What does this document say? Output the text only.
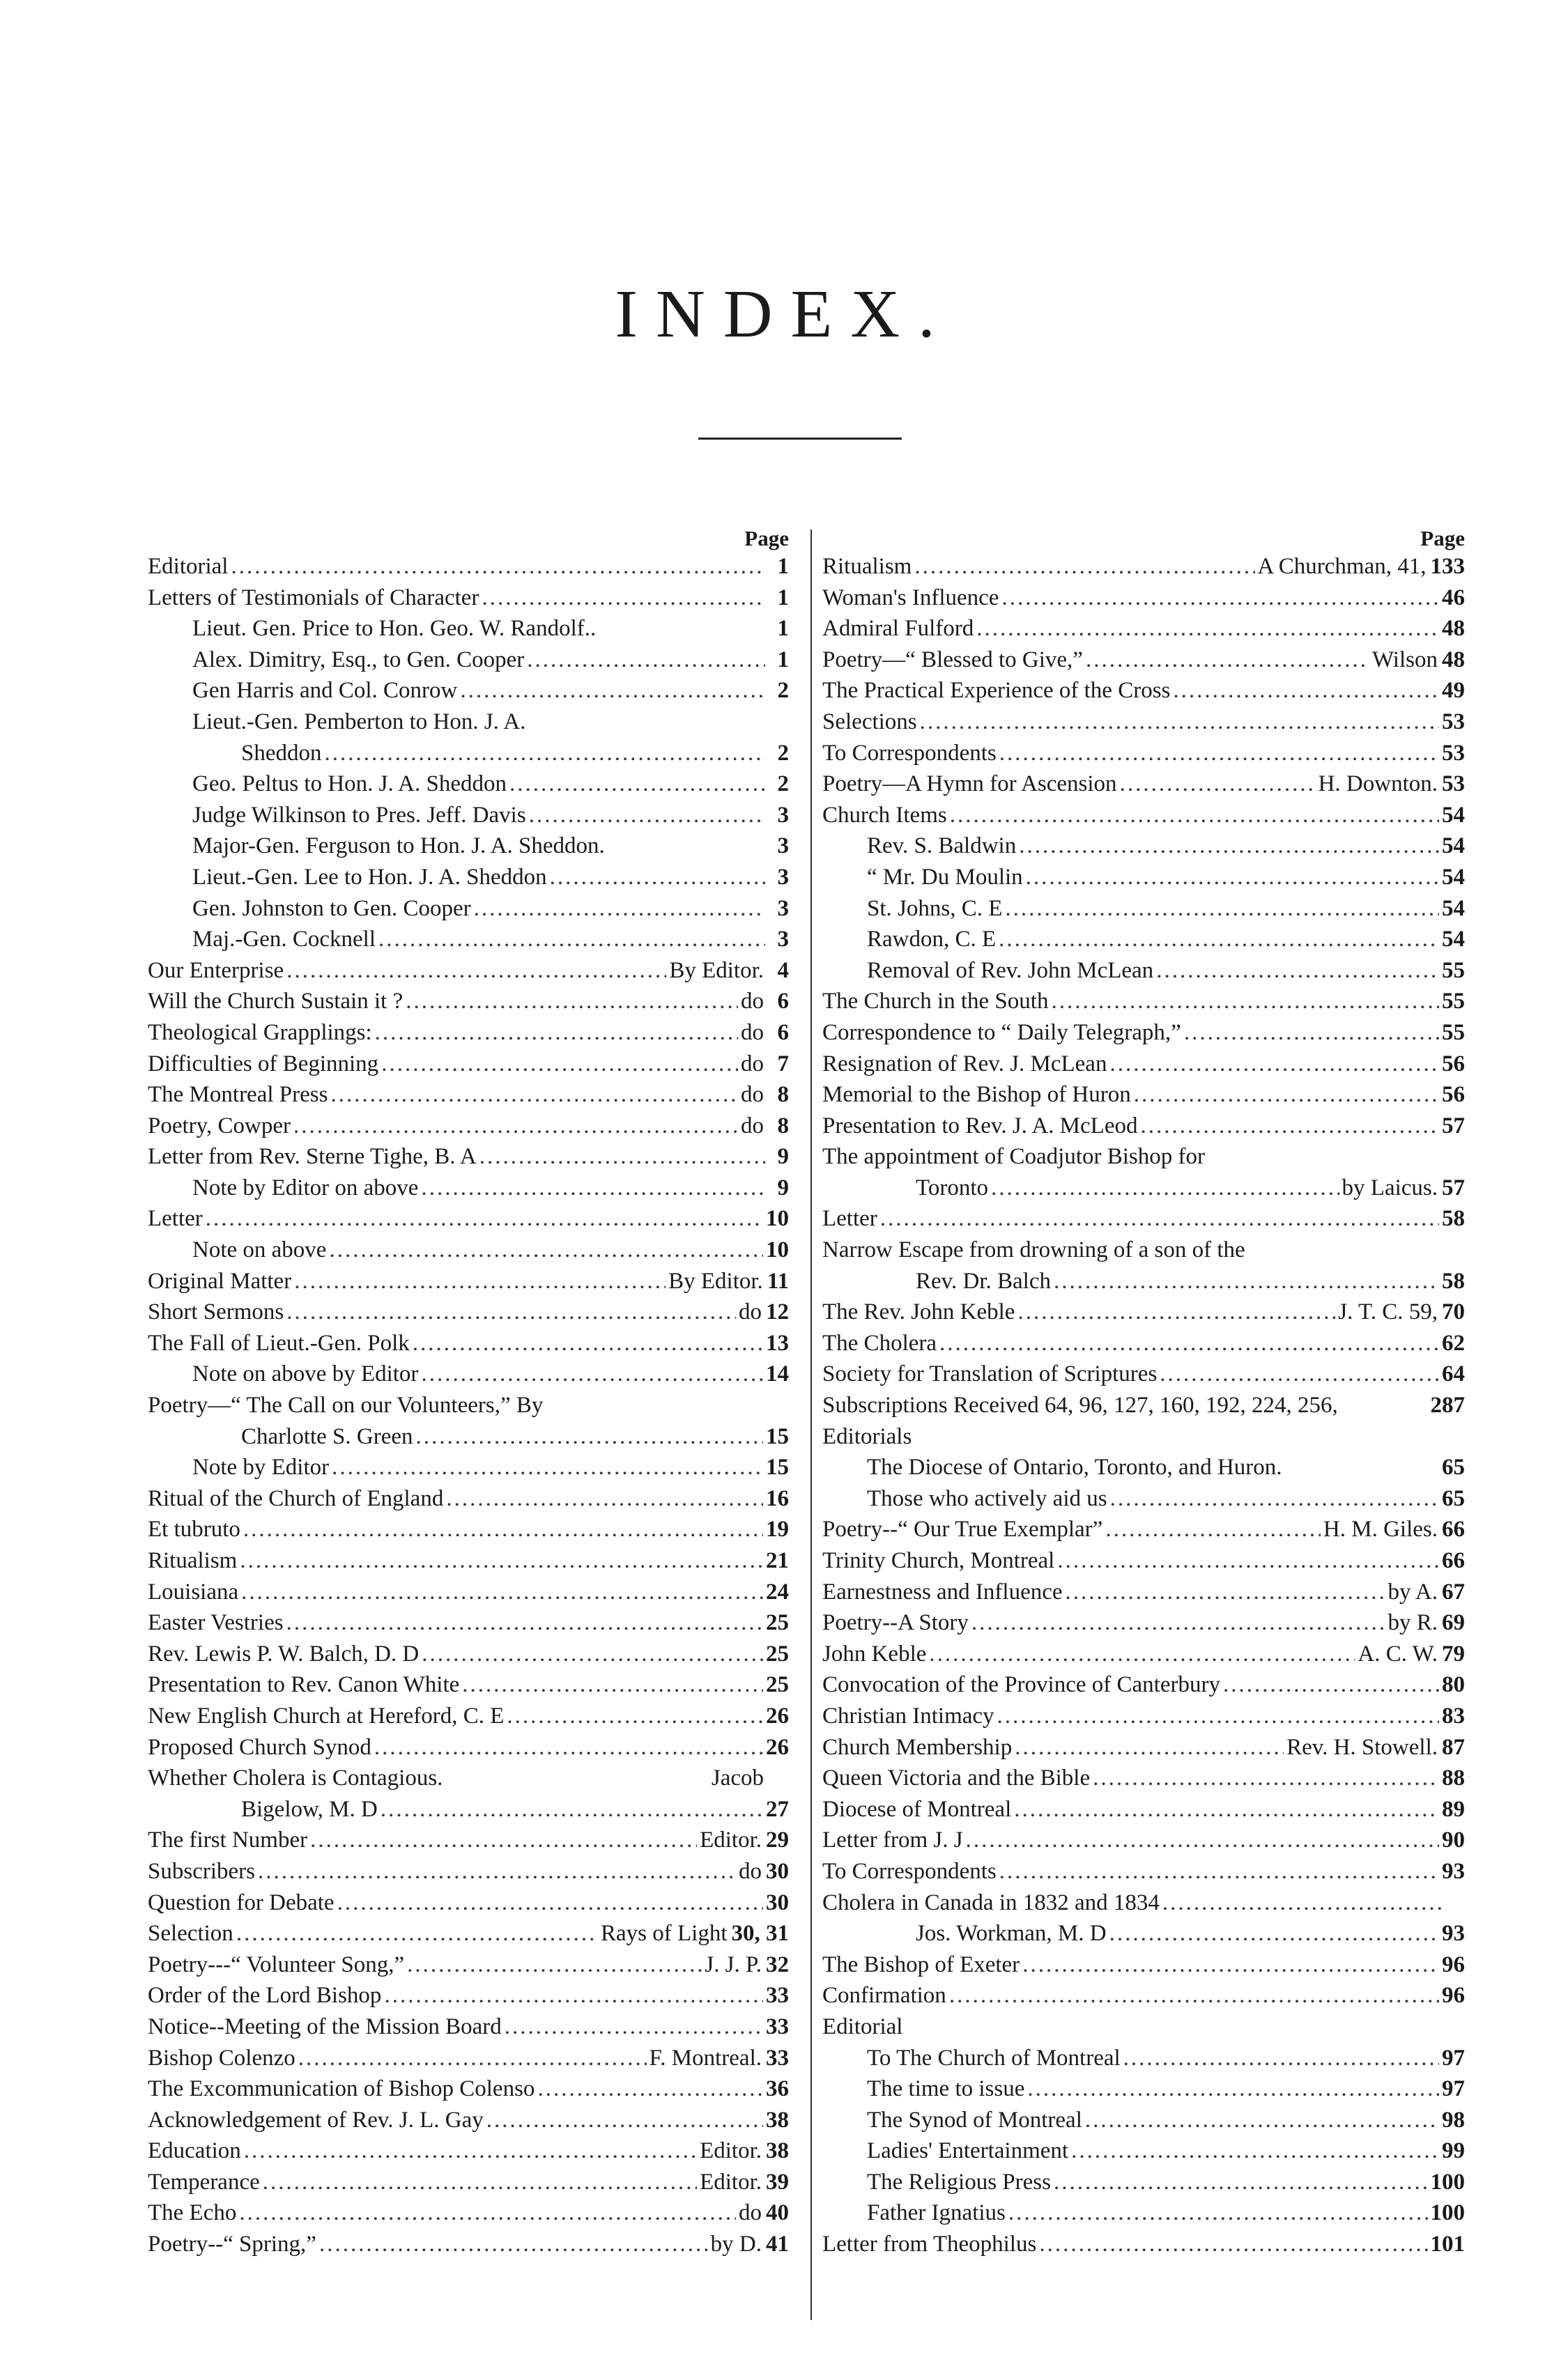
INDEX.
Page
Editorial .....	1
Letters of Testimonials of Character .....	1
Lieut. Gen. Price to Hon. Geo. W. Randolf..	1
Alex. Dimitry, Esq., to Gen. Cooper .....	1
Gen Harris and Col. Conrow .....	2
Lieut.-Gen. Pemberton to Hon. J. A.
Sheddon .....	2
Geo. Peltus to Hon. J. A. Sheddon .....	2
Judge Wilkinson to Pres. Jeff. Davis .....	3
Major-Gen. Ferguson to Hon. J. A. Sheddon.	3
Lieut.-Gen. Lee to Hon. J. A. Sheddon .....	3
Gen. Johnston to Gen. Cooper .....	3
Maj.-Gen. Cocknell .....	3
Our Enterprise .....	By Editor. 4
Will the Church Sustain it ? .....	do 6
Theological Grapplings: .....	do 6
Difficulties of Beginning .....	do 7
The Montreal Press .....	do 8
Poetry, Cowper .....	do 8
Letter from Rev. Sterne Tighe, B. A .....	9
Note by Editor on above .....	9
Letter .....	10
Note on above .....	10
Original Matter .....	By Editor. 11
Short Sermons .....	do 12
The Fall of Lieut.-Gen. Polk .....	13
Note on above by Editor .....	14
Poetry—“ The Call on our Volunteers,” By
Charlotte S. Green .....	15
Note by Editor .....	15
Ritual of the Church of England .....	16
Et tubruto .....	19
Ritualism .....	21
Louisiana .....	24
Easter Vestries .....	25
Rev. Lewis P. W. Balch, D. D .....	25
Presentation to Rev. Canon White .....	25
New English Church at Hereford, C. E .....	26
Proposed Church Synod .....	26
Whether Cholera is Contagious.	Jacob
Bigelow, M. D .....	27
The first Number .....	Editor. 29
Subscribers .....	do 30
Question for Debate .....	30
Selection .....	Rays of Light 30, 31
Poetry---“ Volunteer Song,” .....	J. J. P. 32
Order of the Lord Bishop .....	33
Notice--Meeting of the Mission Board .....	33
Bishop Colenzo .....	F. Montreal. 33
The Excommunication of Bishop Colenso .....	36
Acknowledgement of Rev. J. L. Gay .....	38
Education .....	Editor. 38
Temperance .....	Editor. 39
The Echo .....	do 40
Poetry--“ Spring,” .....	by D. 41
Page
Ritualism .....	A Churchman, 41, 133
Woman's Influence .....	46
Admiral Fulford .....	48
Poetry—“ Blessed to Give,” .....	Wilson 48
The Practical Experience of the Cross .....	49
Selections .....	53
To Correspondents .....	53
Poetry—A Hymn for Ascension .....	H. Downton. 53
Church Items .....	54
Rev. S. Baldwin .....	54
“ Mr. Du Moulin .....	54
St. Johns, C. E .....	54
Rawdon, C. E .....	54
Removal of Rev. John McLean .....	55
The Church in the South .....	55
Correspondence to “ Daily Telegraph,” .....	55
Resignation of Rev. J. McLean .....	56
Memorial to the Bishop of Huron .....	56
Presentation to Rev. J. A. McLeod .....	57
The appointment of Coadjutor Bishop for
Toronto .....	by Laicus. 57
Letter .....	58
Narrow Escape from drowning of a son of the
Rev. Dr. Balch .....	58
The Rev. John Keble .....	J. T. C. 59, 70
The Cholera .....	62
Society for Translation of Scriptures .....	64
Subscriptions Received 64, 96, 127, 160, 192, 224, 256,	287
Editorials
The Diocese of Ontario, Toronto, and Huron.	65
Those who actively aid us .....	65
Poetry--“ Our True Exemplar” .....	H. M. Giles. 66
Trinity Church, Montreal .....	66
Earnestness and Influence .....	by A. 67
Poetry--A Story .....	by R. 69
John Keble .....	A. C. W. 79
Convocation of the Province of Canterbury .....	80
Christian Intimacy .....	83
Church Membership .....	Rev. H. Stowell. 87
Queen Victoria and the Bible .....	88
Diocese of Montreal .....	89
Letter from J. J .....	90
To Correspondents .....	93
Cholera in Canada in 1832 and 1834
.....
Jos. Workman, M. D .....	93
The Bishop of Exeter .....	96
Confirmation .....	96
Editorial
To The Church of Montreal .....	97
The time to issue .....	97
The Synod of Montreal .....	98
Ladies' Entertainment .....	99
The Religious Press .....	100
Father Ignatius .....	100
Letter from Theophilus .....	101
